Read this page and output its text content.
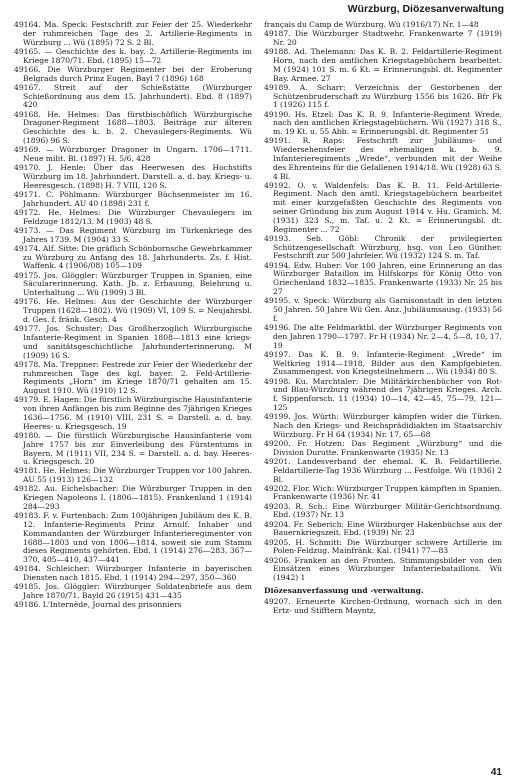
Würzburg, Diözesanverwaltung

49164. Ma. Speck: Festschrift zur Feier der 25. Wiederkehr der ruhmreichen Tage des 2. Artillerie-Regiments in Würzburg ... Wü (1895) 72 S. 2 Bl.

49165. — Geschichte des k. bay. 2. Artillerie-Regiments im Kriege 1870/71. Ebd. (1895) 15—72

49166. Die Würzburger Regimenter bei der Eroberung Belgrads durch Prinz Eugen. Bayl 7 (1896) 168

49167. Streit auf der Schießstätte (Würzburger Schießordnung aus dem 15. Jahrhundert). Ebd. 8 (1897) 420

49168. He. Helmes: Das fürstbischöflich Würzburgische Dragoner-Regiment 1688—1803. Beiträge zur älteren Geschichte des k. b. 2. Chevaulegers-Regiments. Wü (1896) 96 S.

49169. — Würzburger Dragoner in Ungarn. 1706—1711. Neue milit. Bl. (1897) H. 5/6, 428

49170. J. Henle: Über das Heerwesen des Hochstifts Würzburg im 18. Jahrhundert. Darstell. a. d. bay. Kriegs- u. Heeresgesch. (1898) H. 7 VIII, 120 S.

49171. C. Pöhlmann: Würzburger Büchsenmeister im 16. Jahrhundert. AU 40 (1898) 231 f.

49172. He. Helmes: Die Würzburger Chevaulegers im Feldzuge 1812/13. M (1903) 48 S.

49173. — Das Regiment Würzburg im Türkenkriege des Jahres 1739. M (1904) 33 S.

49174. Alf. Sitte: Die gräflich Schönbornsche Gewehrkammer zu Würzburg zu Anfang des 18. Jahrhunderts. Zs. f. Hist. Waffenk. 4 (1906/08) 105—109

49175. Jos. Glöggler: Würzburger Truppen in Spanien, eine Säcularerinnerung. Kath. Jb. z. Erbauung, Belehrung u. Unterhaltung ... Wü (1909) 3 Bl.

49176. He. Helmes: Aus der Geschichte der Würzburger Truppen (1628—1802). Wü (1909) VI, 109 S. = Neujahrsbl. d. Ges. f. fränk. Gesch. 4

49177. Jos. Schuster: Das Großherzoglich Würzburgische Infanterie-Regiment in Spanien 1808—1813 eine kriegs- und sanitätsgeschichtliche Jahrhunderterinnerung. M (1909) 16 S.

49178. Ma. Treppner: Festrede zur Feier der Wiederkehr der ruhmreichen Tage des kgl. bayer. 2. Feld-Artillerie-Regiments „Horn“ im Kriege 1870/71 gehalten am 15. August 1910. Wü (1910) 12 S.

49179. E. Hagen: Die fürstlich Würzburgische Hausinfanterie von ihren Anfängen bis zum Beginne des 7jährigen Krieges 1636—1756. M (1910) VIII, 231 S. = Darstell. a. d. bay. Heeres- u. Kriegsgesch. 19

49180. — Die fürstlich Würzburgische Hausinfanterie vom Jahre 1757 bis zur Einverleibung des Fürstentums in Bayern. M (1911) VII, 234 S. = Darstell. a. d. bay. Heeres- u. Kriegsgesch. 20

49181. He. Helmes: Die Würzburger Truppen vor 100 Jahren. AU 55 (1913) 126—132

49182. Au. Eichelsbacher: Die Würzburger Truppen in den Kriegen Napoleons I. (1806—1815). Frankenland 1 (1914) 284—293

49183. F. v. Furtenbach: Zum 100jährigen Jubiläum des K. B. 12. Infanterie-Regiments Prinz Arnulf. Inhaber und Kommandanten der Würzburger Infanterieregimenter von 1688—1803 und von 1806—1814, soweit sie zum Stamm dieses Regiments gehörten. Ebd. 1 (1914) 276—283, 367—370, 405—410, 437—441

49184. Schleicher: Würzburger Infanterie in bayerischen Diensten nach 1815. Ebd. 1 (1914) 294—297, 350—360

49185. Jos. Glöggler: Würzburger Soldatenbriefe aus dem Jahre 1870/71. Bayld 26 (1915) 431—435

49186. L'Internède, Journal des prisonniers

français du Camp de Würzburg. Wü (1916/17) Nr. 1—48

49187. Die Würzburger Stadtwehr. Frankenwarte 7 (1919) Nr. 20

49188. Ad. Thelemann: Das K. B. 2. Feldartillerie-Regiment Horn, nach den amtlichen Kriegstagebüchern bearbeitet. M (1924) 101 S. m. 6 Kt. = Erinnerungsbl. dt. Regimenter Bay. Armee. 27

49189. A. Scharr: Verzeichnis der Gestorbenen der Schützenbruderschaft zu Würzburg 1556 bis 1626. Bfr Fk 1 (1926) 115 f.

49190. Hs. Etzel: Das K. B. 9. Infanterie-Regiment Wrede, nach den amtlichen Kriegstagebüchern. Wü (1927) 318 S., m. 19 Kt. u. 55 Abb. = Erinnerungsbl. dt. Regimenter 51

49191. R. Raps: Festschrift zur Jubiläums- und Wiedersehensfeier des ehemaligen k. b. 9. Infanterieregiments „Wrede“, verbunden mit der Weihe des Ehrenteins für die Gefallenen 1914/18. Wü (1928) 63 S. 4 Bl.

49192. O. v. Waldenfels: Das K. B. 11. Feld-Artillerie-Regiment. Nach den amtl. Kriegstagebüchern bearbeitet mit einer kurzgefaßten Geschichte des Regiments von seiner Gründung bis zum August 1914 v. Hu. Gramich. M. (1931) 323 S., m. Taf. u. 2 Kt. = Erinnerungsbl. dt. Regimenter ... 72

49193. Seb. Göbl: Chronik der privilegierten Schützengesellschaft Würzburg, hsg. von Leo Günther. Festschrift zur 500 Jahrfeier. Wü (1932) 124 S. m. Taf.

49194. Edw. Huber: Vor 100 Jahren, eine Erinnerung an das Würzburger Bataillon im Hilfskorps für König Otto von Griechenland 1832—1835. Frankenwarte (1933) Nr. 25 bis 27

49195. v. Speck: Würzburg als Garnisonstadt in den letzten 50 Jahren. 50 Jahre Wü Gen. Anz. Jubiläumsausg. (1933) 56 f.

49196. Die alte Feldmarktbl. der Würzburger Regiments von den Jahren 1790—1797. Fr H (1934) Nr. 2—4, 5—8, 10, 17, 19

49197. Das K. B. 9. Infanterie-Regiment „Wrede“ im Weltkrieg 1914—1918, Bilder aus den Kampfgebieten. Zusammengest. von Kriegsteilnehmern ... Wü (1934) 80 S.

49198. Ku. Marchtaler: Die Militärkirchenbücher von Rot- und Blau-Würzburg während des 7jährigen Krieges. Arch. f. Sippenforsch. 11 (1934) 10—14, 42—45, 75—79, 121—125

49199. Jos. Würth: Würzburger kämpfen wider die Türken. Nach den Kriegs- und Reichsprädidiakten im Staatsarchiv Würzburg. Fr H 64 (1934) Nr. 17, 65—68

49200. Fr. Hotzen: Das Regiment „Würzburg“ und die Division Durutte. Frankenwarte (1935) Nr. 13

49201. Landesverband der ehemal. K. B. Feldartillerie. Feldartillerie-Tag 1936 Würzburg ... Festfolge. Wü (1936) 2 Bl.

49202. Flor. Wich: Würzburger Truppen kämpften in Spanien. Frankenwarte (1936) Nr. 41

49203. R. Sch.: Eine Würzburger Militär-Gerichtsordnung. Ebd. (1937) Nr. 13

49204. Fr. Seberich: Eine Würzburger Hakenbüchse aus der Bauernkriegszeit. Ebd. (1939) Nr. 23

49205. H. Schmitt: Die Würzburger schwere Artillerie im Polen-Feldzug. Mainfränk. Kal. (1941) 77—83

49206. Franken an den Fronten. Stimmungsbilder von den Einsätzen eines Würzburger Infanteriebataillons. Wü (1942) 1

Diözesanverfassung und -verwaltung.

49207. Erneuerte Kirchen-Ordnung, wornach sich in den Ertz- und Stifftern Mayntz,

41
